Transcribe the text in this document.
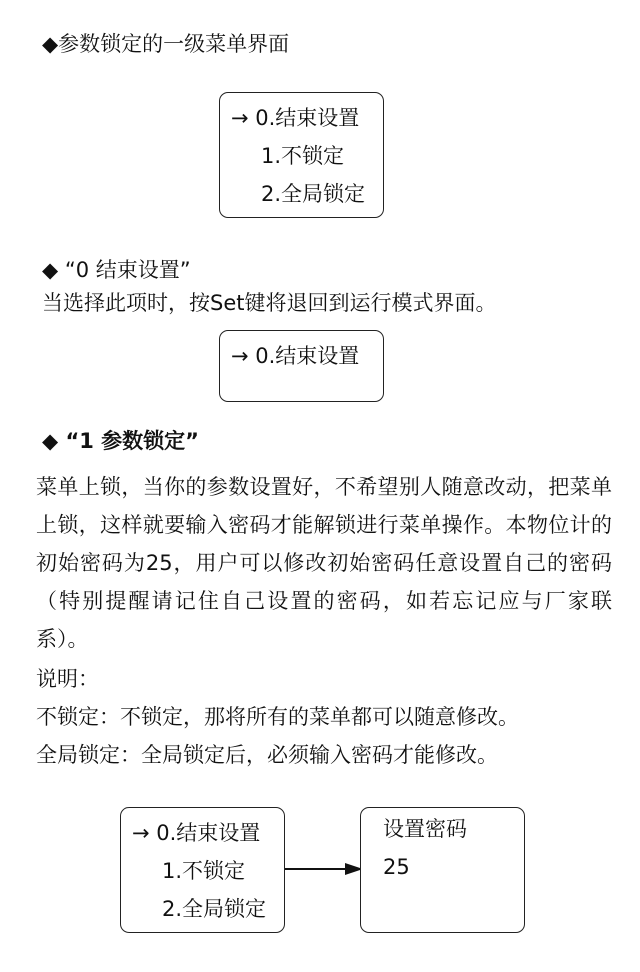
◆参数锁定的一级菜单界面
→ 0.结束设置
1.不锁定
2.全局锁定
◆ “0 结束设置”
当选择此项时，按Set键将退回到运行模式界面。
→ 0.结束设置
◆ “1 参数锁定”
菜单上锁，当你的参数设置好，不希望别人随意改动，把菜单上锁，这样就要输入密码才能解锁进行菜单操作。本物位计的初始密码为25，用户可以修改初始密码任意设置自己的密码（特别提醒请记住自己设置的密码，如若忘记应与厂家联系）。
说明：
不锁定：不锁定，那将所有的菜单都可以随意修改。
全局锁定：全局锁定后，必须输入密码才能修改。
→ 0.结束设置
1.不锁定
2.全局锁定
设置密码
25
